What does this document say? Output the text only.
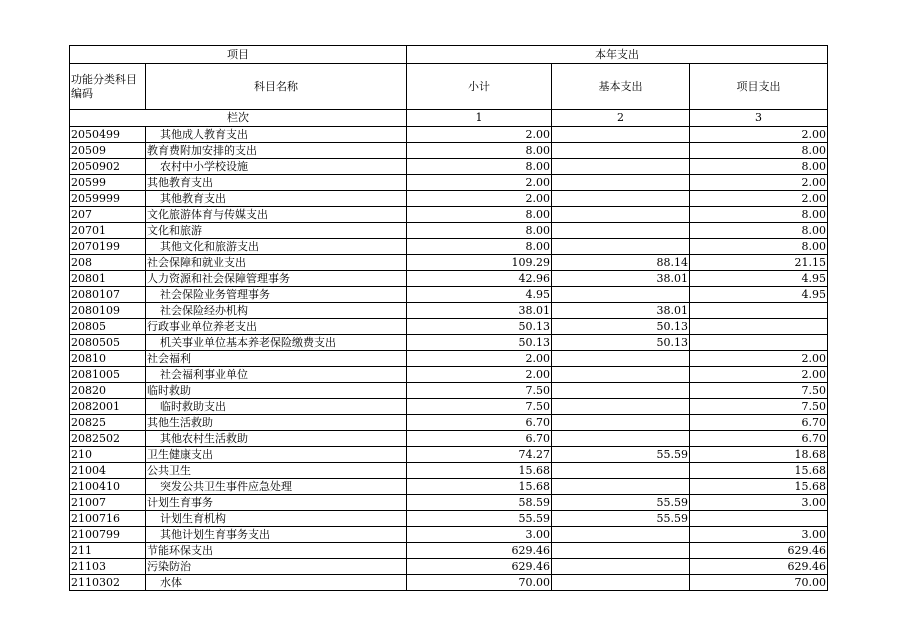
项目		本年支出		
功能分类科目编码	科目名称	小计	基本支出	项目支出
栏次		1	2	3
2050499	其他成人教育支出	2.00		2.00
20509	教育费附加安排的支出	8.00		8.00
2050902	农村中小学校设施	8.00		8.00
20599	其他教育支出	2.00		2.00
2059999	其他教育支出	2.00		2.00
207	文化旅游体育与传媒支出	8.00		8.00
20701	文化和旅游	8.00		8.00
2070199	其他文化和旅游支出	8.00		8.00
208	社会保障和就业支出	109.29	88.14	21.15
20801	人力资源和社会保障管理事务	42.96	38.01	4.95
2080107	社会保险业务管理事务	4.95		4.95
2080109	社会保险经办机构	38.01	38.01	
20805	行政事业单位养老支出	50.13	50.13	
2080505	机关事业单位基本养老保险缴费支出	50.13	50.13	
20810	社会福利	2.00		2.00
2081005	社会福利事业单位	2.00		2.00
20820	临时救助	7.50		7.50
2082001	临时救助支出	7.50		7.50
20825	其他生活救助	6.70		6.70
2082502	其他农村生活救助	6.70		6.70
210	卫生健康支出	74.27	55.59	18.68
21004	公共卫生	15.68		15.68
2100410	突发公共卫生事件应急处理	15.68		15.68
21007	计划生育事务	58.59	55.59	3.00
2100716	计划生育机构	55.59	55.59	
2100799	其他计划生育事务支出	3.00		3.00
211	节能环保支出	629.46		629.46
21103	污染防治	629.46		629.46
2110302	水体	70.00		70.00
